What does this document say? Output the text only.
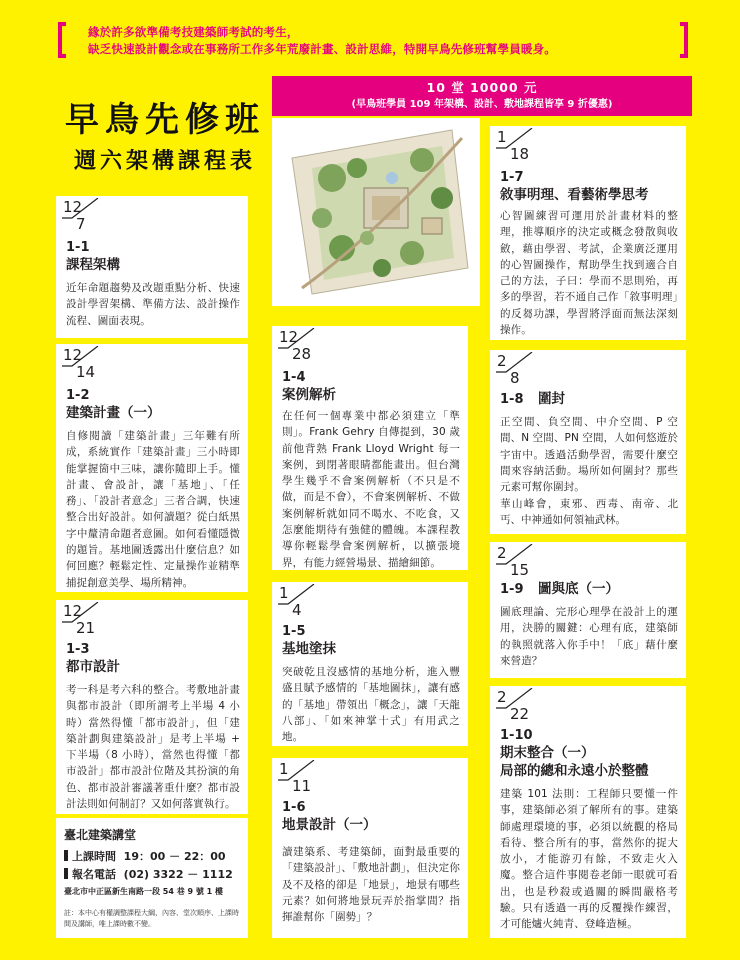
緣於許多欲準備考技建築師考試的考生，
缺乏快速設計觀念或在事務所工作多年荒廢計畫、設計思維，特開早鳥先修班幫學員暖身。
早鳥先修班
週六架構課程表
10 堂 10000 元
(早鳥班學員 109 年架構、設計、敷地課程皆享 9 折優惠)
12
7
1-1
課程架構
近年命題趨勢及改題重點分析、快速設計學習架構、準備方法、設計操作流程、圖面表現。
12
14
1-2
建築計畫（一）
自修閱讀「建築計畫」三年難有所成，系統實作「建築計畫」三小時即能掌握箇中三味，讓你隨即上手。懂計畫、會設計，讓「基地」、「任務」、「設計者意念」三者合調，快速整合出好設計。如何讀題？從白紙黑字中釐清命題者意圖。如何看懂隱微的題旨。基地圖透露出什麼信息？如何回應？輕鬆定性、定量操作並精準捕捉創意美學、場所精神。
12
21
1-3
都市設計
考一科是考六科的整合。考敷地計畫與都市設計（即所謂考上半場 4 小時）當然得懂「都市設計」，但「建築計劃與建築設計」是考上半場 + 下半場（8 小時），當然也得懂「都市設計」都市設計位階及其扮演的角色、都市設計審議著重什麼？都市設計法則如何制訂？又如何落實執行。
12
28
1-4
案例解析
在任何一個專業中都必須建立「準則」。Frank Gehry 自傳提到，30 歲前他背熟 Frank Lloyd Wright 每一案例，到閉著眼睛都能畫出。但台灣學生幾乎不會案例解析（不只是不做，而是不會），不會案例解析、不做案例解析就如同不喝水、不吃食，又怎麼能期待有強健的體魄。本課程教導你輕鬆學會案例解析，以擴張境界，有能力經營場景、描繪細節。
1
4
1-5
基地塗抹
突破乾且沒感情的基地分析，進入豐盛且賦予感情的「基地圖抹」，讓有感的「基地」帶領出「概念」，讓「天龍八部」、「如來神掌十式」有用武之地。
1
11
1-6
地景設計（一）
讀建築系、考建築師，面對最重要的「建築設計」、「敷地計劃」，但決定你及不及格的卻是「地景」，地景有哪些元素？如何將地景玩弄於指掌間？指揮誰幫你「圍勢」？
1
18
1-7
敘事明理、看藝術學思考
心智圖練習可運用於計畫材料的整理，推導順序的決定或概念發散與收斂，藉由學習、考試，企業廣泛運用的心智圖操作，幫助學生找到適合自己的方法，子曰：學而不思則殆，再多的學習，若不通自己作「敘事明理」的反芻功課，學習將浮面而無法深刻操作。
2
8
1-8 圍封
正空間、負空間、中介空間、P 空間、N 空間、PN 空間，人如何悠遊於宇宙中。透過活動學習，需要什麼空間來容納活動。場所如何圍封？那些元素可幫你圍封。
華山峰會，東邪、西毒、南帝、北丐、中神通如何領袖武林。
2
15
1-9 圖與底（一）
圖底理論、完形心理學在設計上的運用，決勝的關鍵：心理有底，建築師的執照就落入你手中！「底」藉什麼來營造？
2
22
1-10
期末整合（一）
局部的總和永遠小於整體
建築 101 法則：工程師只要懂一件事，建築師必須了解所有的事。建築師處理環境的事，必須以統觀的格局看待、整合所有的事，當然你的捉大放小，才能游刃有餘，不致走火入魔。整合這件事閱卷老師一眼就可看出，也是秒殺或過關的瞬間嚴格考驗。只有透過一再的反覆操作練習，才可能爐火純青、登峰造極。
臺北建築講堂
上課時間 19：00 － 22：00
報名電話 (02) 3322 － 1112
臺北市中正區新生南路一段 54 巷 9 號 1 樓
註：本中心有權調整課程大綱、內容、堂次順序、上課時間及講師，唯上課時數不變。
